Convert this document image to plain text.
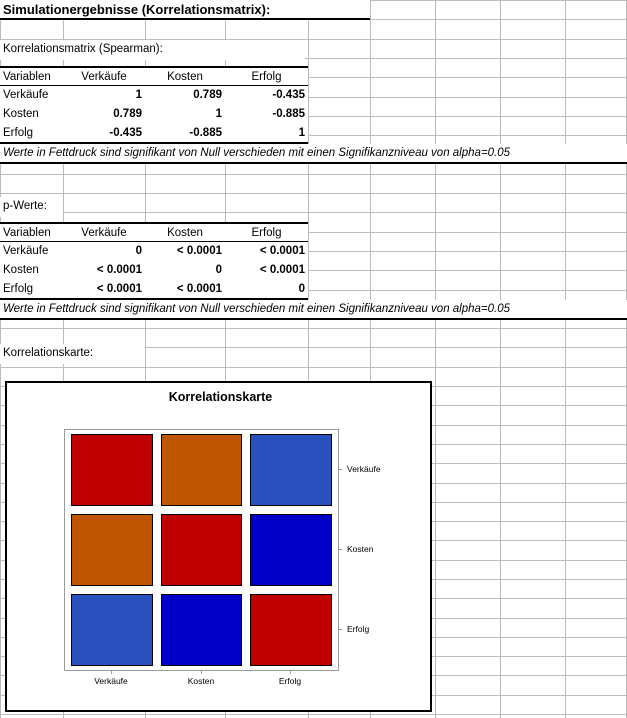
Simulationergebnisse (Korrelationsmatrix):
Korrelationsmatrix (Spearman):
Variablen	Verkäufe	Kosten	Erfolg
Verkäufe	1	0.789	-0.435
Kosten	0.789	1	-0.885
Erfolg	-0.435	-0.885	1
Werte in Fettdruck sind signifikant von Null verschieden mit einen Signifikanzniveau von alpha=0.05
p-Werte:
Variablen	Verkäufe	Kosten	Erfolg
Verkäufe	0	< 0.0001	< 0.0001
Kosten	< 0.0001	0	< 0.0001
Erfolg	< 0.0001	< 0.0001	0
Werte in Fettdruck sind signifikant von Null verschieden mit einen Signifikanzniveau von alpha=0.05
Korrelationskarte:
Korrelationskarte
Verkäufe	Kosten	Erfolg
Verkäufe
Kosten
Erfolg
